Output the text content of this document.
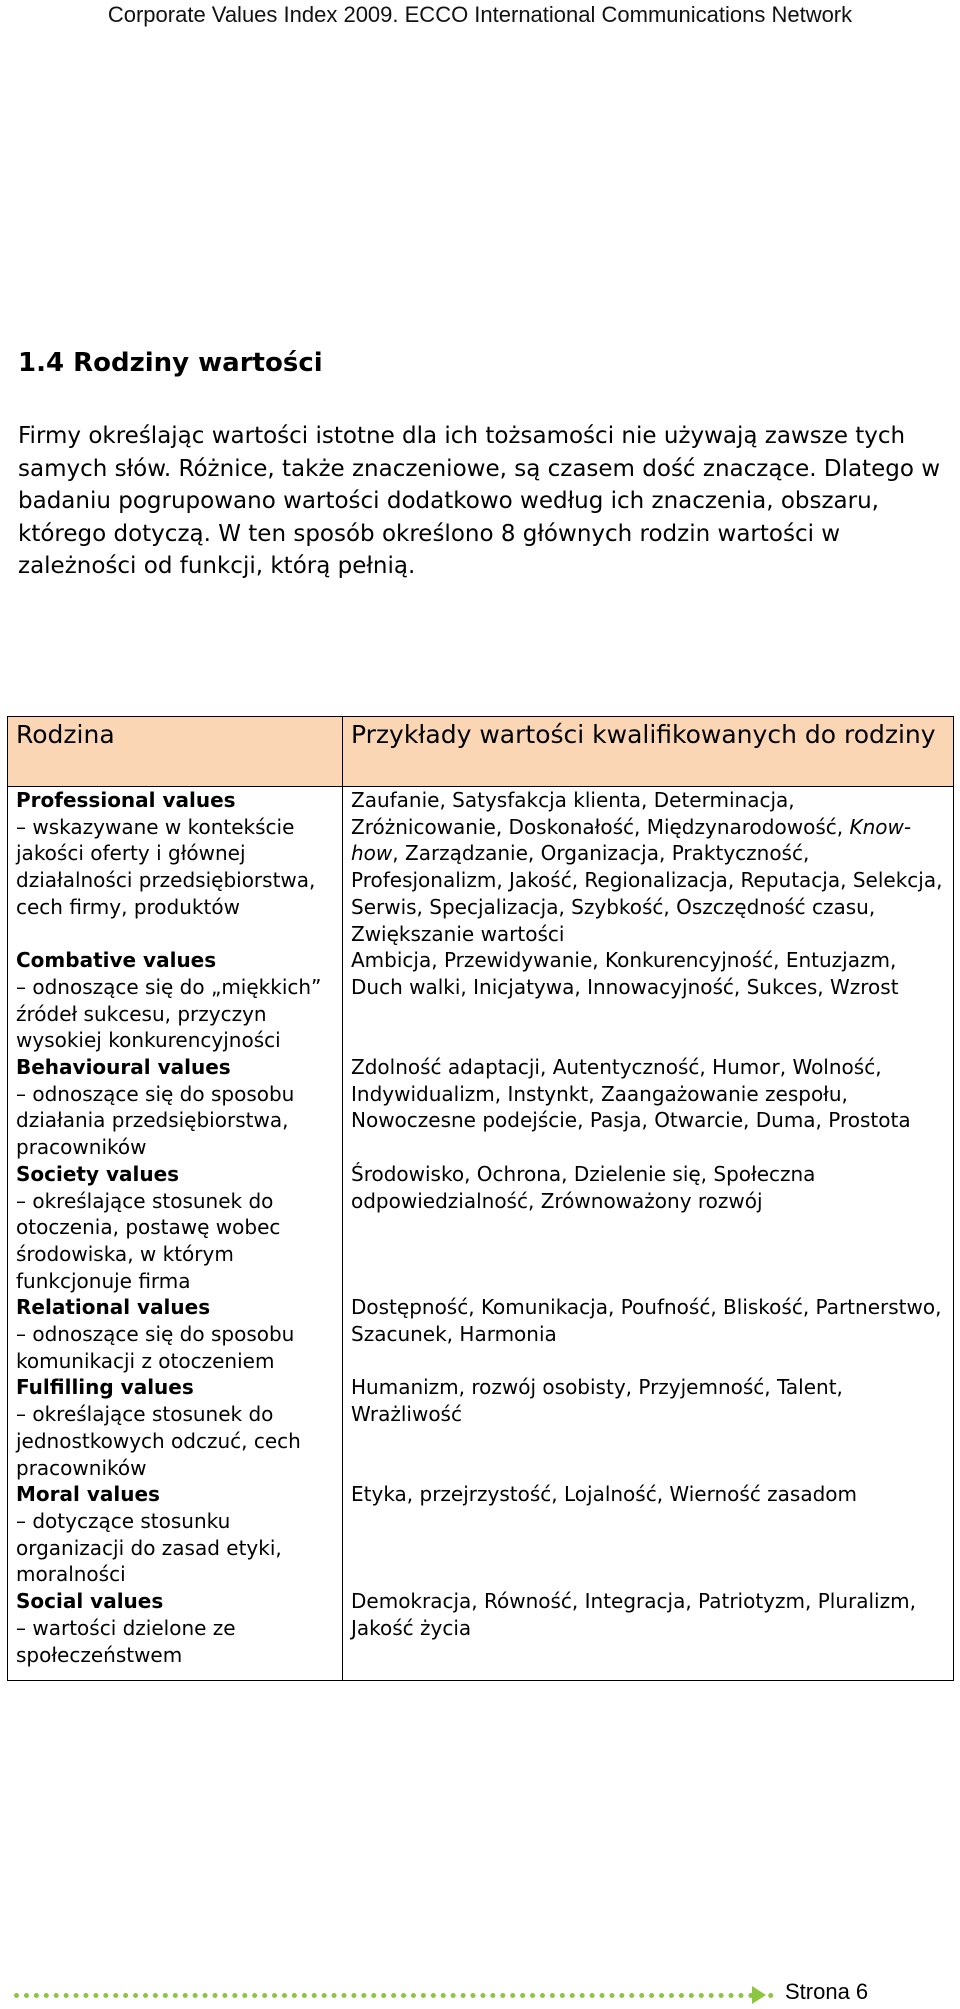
Corporate Values Index 2009. ECCO International Communications Network
1.4 Rodziny wartości

Firmy określając wartości istotne dla ich tożsamości nie używają zawsze tych samych słów. Różnice, także znaczeniowe, są czasem dość znaczące. Dlatego w badaniu pogrupowano wartości dodatkowo według ich znaczenia, obszaru, którego dotyczą. W ten sposób określono 8 głównych rodzin wartości w zależności od funkcji, którą pełnią.

Rodzina	Przykłady wartości kwalifikowanych do rodziny

Professional values
– wskazywane w kontekście jakości oferty i głównej działalności przedsiębiorstwa, cech firmy, produktów	Zaufanie, Satysfakcja klienta, Determinacja, Zróżnicowanie, Doskonałość, Międzynarodowość, Know-how, Zarządzanie, Organizacja, Praktyczność, Profesjonalizm, Jakość, Regionalizacja, Reputacja, Selekcja, Serwis, Specjalizacja, Szybkość, Oszczędność czasu, Zwiększanie wartości

Combative values
– odnoszące się do „miękkich” źródeł sukcesu, przyczyn wysokiej konkurencyjności	Ambicja, Przewidywanie, Konkurencyjność, Entuzjazm, Duch walki, Inicjatywa, Innowacyjność, Sukces, Wzrost

Behavioural values
– odnoszące się do sposobu działania przedsiębiorstwa, pracowników	Zdolność adaptacji, Autentyczność, Humor, Wolność, Indywidualizm, Instynkt, Zaangażowanie zespołu, Nowoczesne podejście, Pasja, Otwarcie, Duma, Prostota

Society values
– określające stosunek do otoczenia, postawę wobec środowiska, w którym funkcjonuje firma	Środowisko, Ochrona, Dzielenie się, Społeczna odpowiedzialność, Zrównoważony rozwój

Relational values
– odnoszące się do sposobu komunikacji z otoczeniem	Dostępność, Komunikacja, Poufność, Bliskość, Partnerstwo, Szacunek, Harmonia

Fulfilling values
– określające stosunek do jednostkowych odczuć, cech pracowników	Humanizm, rozwój osobisty, Przyjemność, Talent, Wrażliwość

Moral values
– dotyczące stosunku organizacji do zasad etyki, moralności	Etyka, przejrzystość, Lojalność, Wierność zasadom

Social values
– wartości dzielone ze społeczeństwem	Demokracja, Równość, Integracja, Patriotyzm, Pluralizm, Jakość życia
Strona 6
